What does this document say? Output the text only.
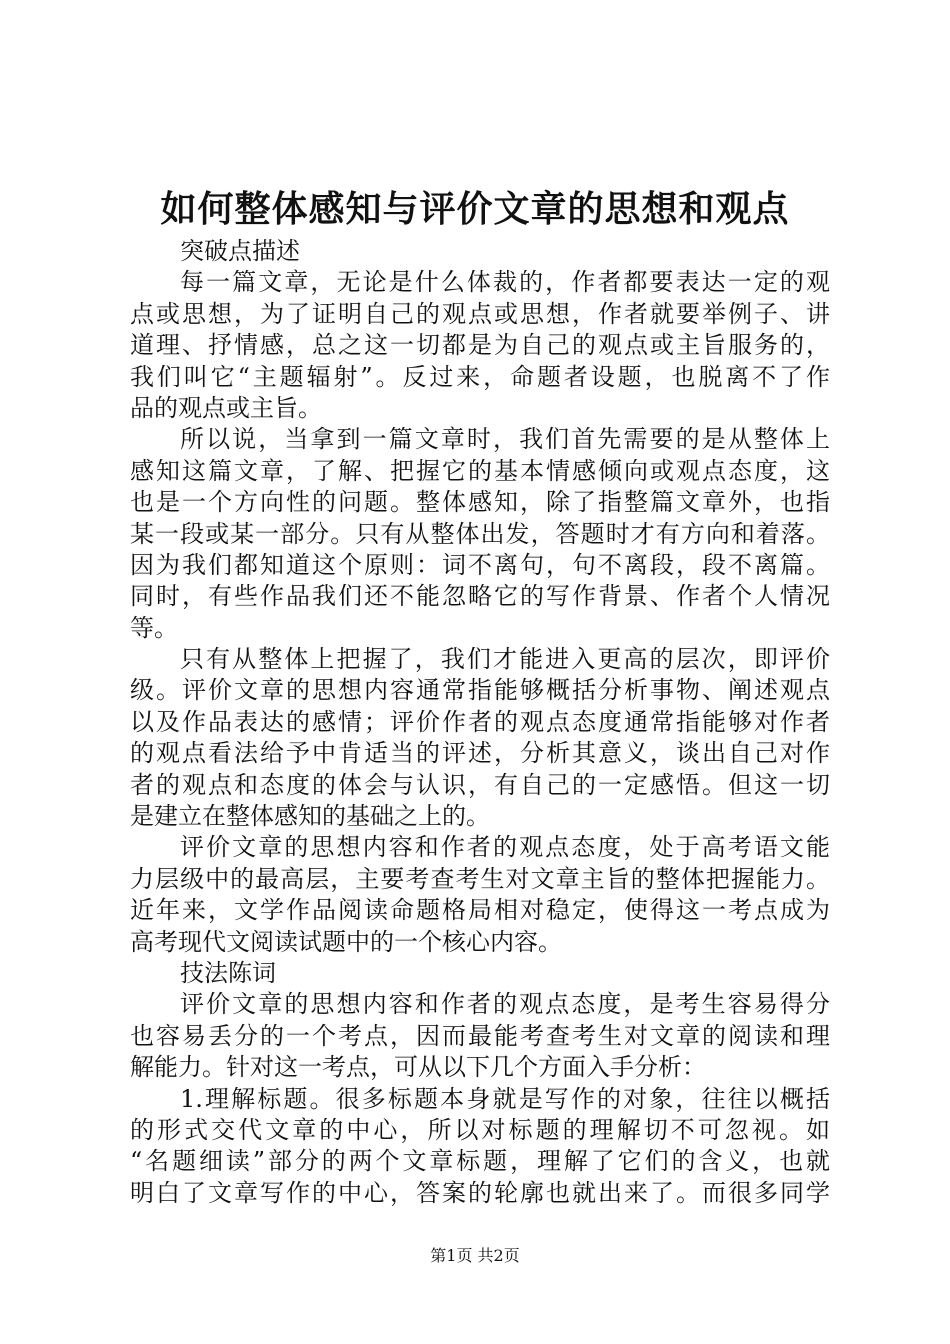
如何整体感知与评价文章的思想和观点
突破点描述
每一篇文章，无论是什么体裁的，作者都要表达一定的观
点或思想，为了证明自己的观点或思想，作者就要举例子、讲
道理、抒情感，总之这一切都是为自己的观点或主旨服务的，
我们叫它“主题辐射”。反过来，命题者设题，也脱离不了作
品的观点或主旨。
所以说，当拿到一篇文章时，我们首先需要的是从整体上
感知这篇文章，了解、把握它的基本情感倾向或观点态度，这
也是一个方向性的问题。整体感知，除了指整篇文章外，也指
某一段或某一部分。只有从整体出发，答题时才有方向和着落。
因为我们都知道这个原则：词不离句，句不离段，段不离篇。
同时，有些作品我们还不能忽略它的写作背景、作者个人情况
等。
只有从整体上把握了，我们才能进入更高的层次，即评价
级。评价文章的思想内容通常指能够概括分析事物、阐述观点
以及作品表达的感情；评价作者的观点态度通常指能够对作者
的观点看法给予中肯适当的评述，分析其意义，谈出自己对作
者的观点和态度的体会与认识，有自己的一定感悟。但这一切
是建立在整体感知的基础之上的。
评价文章的思想内容和作者的观点态度，处于高考语文能
力层级中的最高层，主要考查考生对文章主旨的整体把握能力。
近年来，文学作品阅读命题格局相对稳定，使得这一考点成为
高考现代文阅读试题中的一个核心内容。
技法陈词
评价文章的思想内容和作者的观点态度，是考生容易得分
也容易丢分的一个考点，因而最能考查考生对文章的阅读和理
解能力。针对这一考点，可从以下几个方面入手分析：
1.理解标题。很多标题本身就是写作的对象，往往以概括
的形式交代文章的中心，所以对标题的理解切不可忽视。如
“名题细读”部分的两个文章标题，理解了它们的含义，也就
明白了文章写作的中心，答案的轮廓也就出来了。而很多同学
第1页 共2页
